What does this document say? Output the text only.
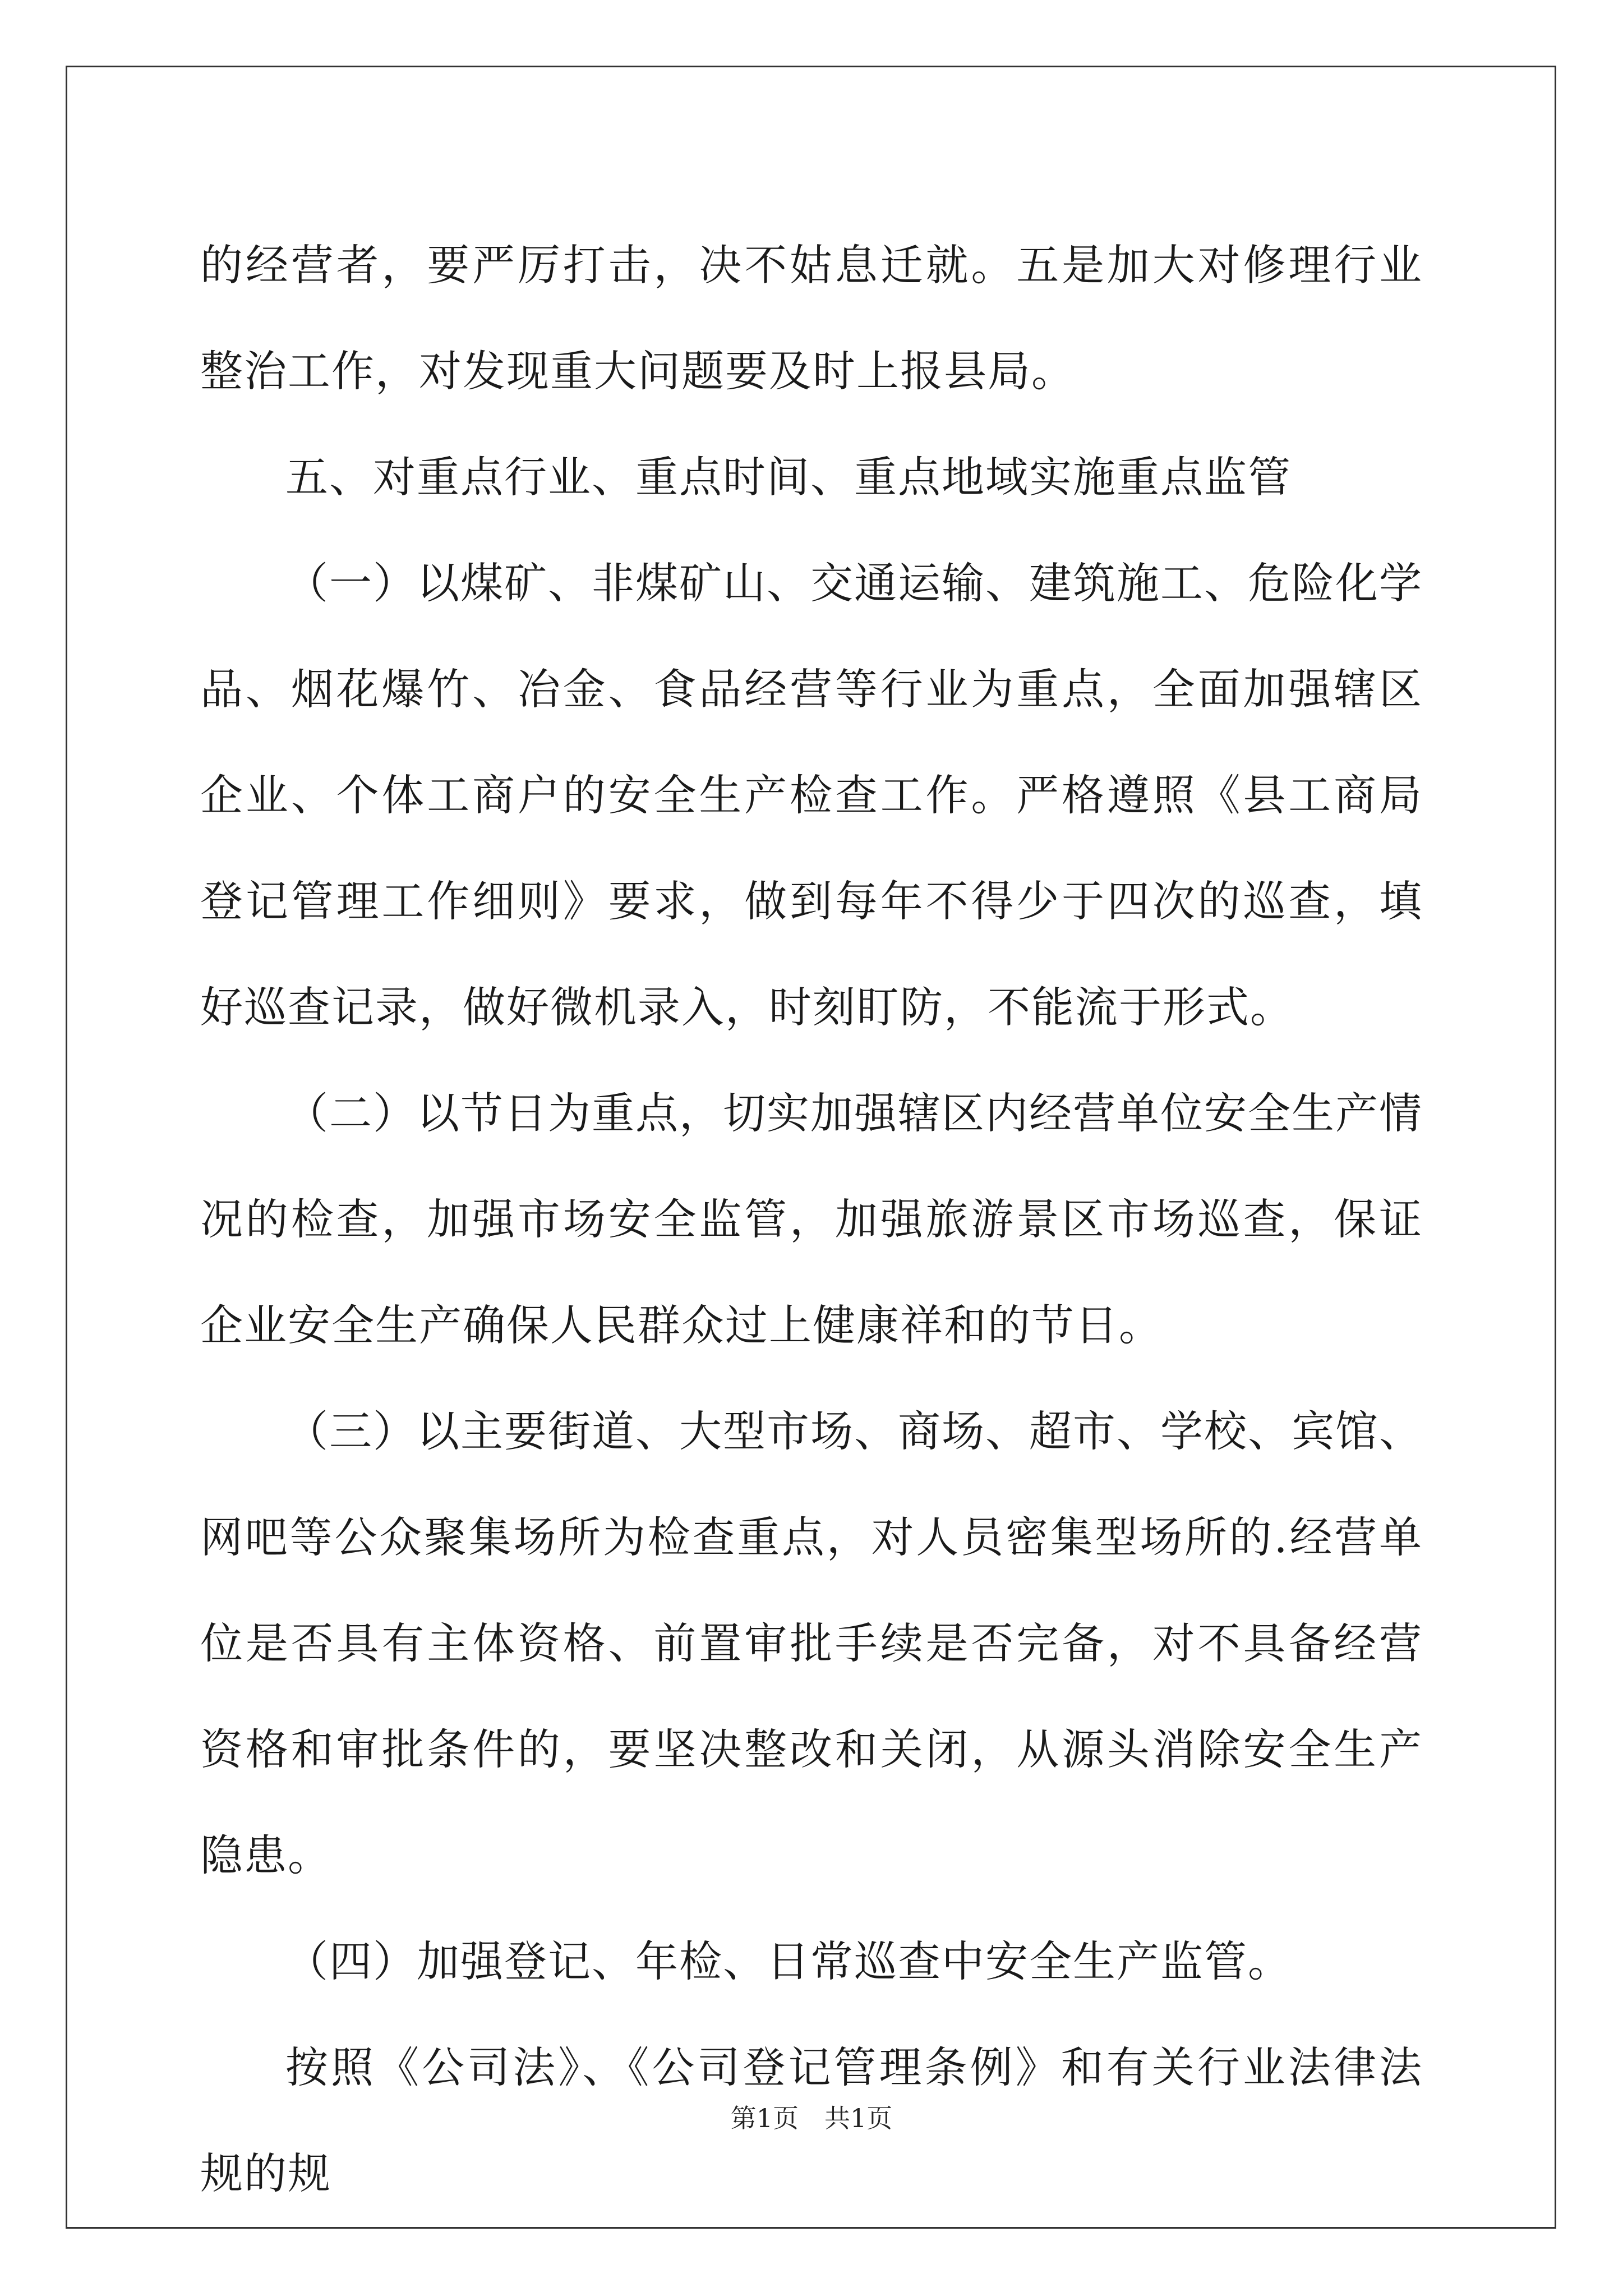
的经营者，要严厉打击，决不姑息迁就。五是加大对修理行业整治工作，对发现重大问题要及时上报县局。

五、对重点行业、重点时间、重点地域实施重点监管

（一）以煤矿、非煤矿山、交通运输、建筑施工、危险化学品、烟花爆竹、冶金、食品经营等行业为重点，全面加强辖区企业、个体工商户的安全生产检查工作。严格遵照《县工商局登记管理工作细则》要求，做到每年不得少于四次的巡查，填好巡查记录，做好微机录入，时刻盯防，不能流于形式。

（二）以节日为重点，切实加强辖区内经营单位安全生产情况的检查，加强市场安全监管，加强旅游景区市场巡查，保证企业安全生产确保人民群众过上健康祥和的节日。

（三）以主要街道、大型市场、商场、超市、学校、宾馆、网吧等公众聚集场所为检查重点，对人员密集型场所的.经营单位是否具有主体资格、前置审批手续是否完备，对不具备经营资格和审批条件的，要坚决整改和关闭，从源头消除安全生产隐患。

（四）加强登记、年检、日常巡查中安全生产监管。

按照《公司法》、《公司登记管理条例》和有关行业法律法规的规

第1页 共1页
